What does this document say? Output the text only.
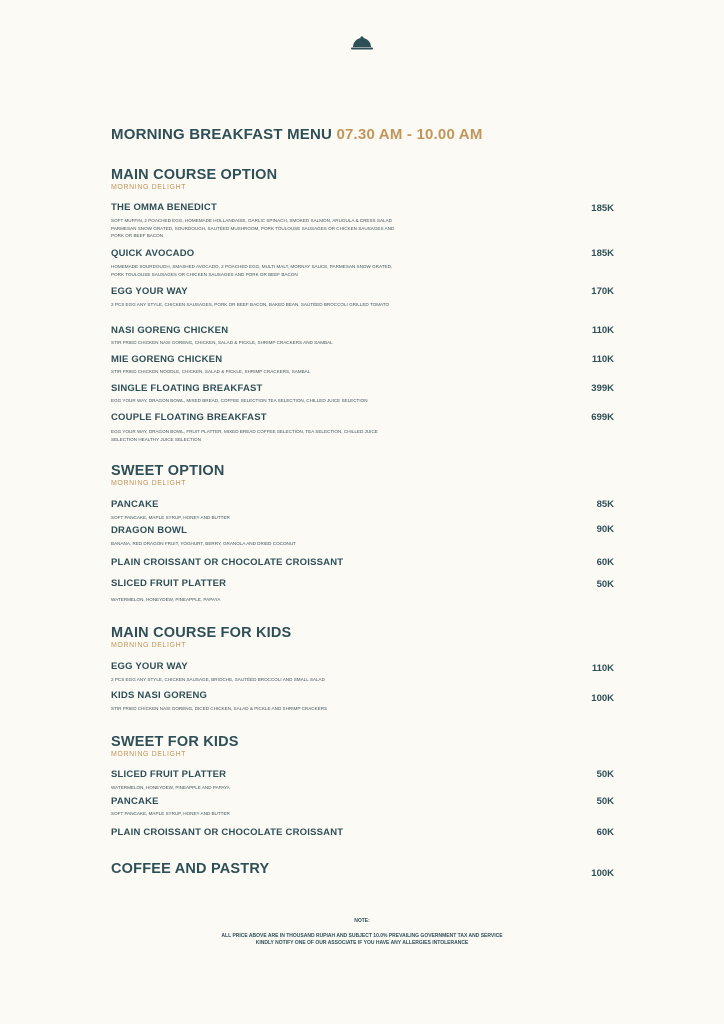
MORNING BREAKFAST MENU 07.30 AM - 10.00 AM
MAIN COURSE OPTION
MORNING DELIGHT
THE OMMA BENEDICT	185K
SOFT MUFFIN, 2 POACHED EGG, HOMEMADE HOLLANDAISE, GARLIC SPINACH, SMOKED SALMON, ARUGULA & CRESS SALAD PARMESAN SNOW GRATED, SOURDOUGH, SAUTÉED MUSHROOM, PORK TOULOUSE SAUSAGES OR CHICKEN SAUSAGES AND PORK OR BEEF BACON
QUICK AVOCADO	185K
HOMEMADE SOURDOUGH, SMASHED AVOCADO, 2 POACHED EGG, MULTI MALT, MORNAY SAUCE, PARMESAN SNOW GRATED, PORK TOULOUSE SAUSAGES OR CHICKEN SAUSAGES AND PORK OR BEEF BACON
EGG YOUR WAY	170K
2 PCS EGG ANY STYLE, CHICKEN SAUSAGES, PORK OR BEEF BACON, BAKED BEAN, SAUTÉED BROCCOLI GRILLED TOMATO
NASI GORENG CHICKEN	110K
STIR FRIED CHICKEN NASI GORENG, CHICKEN, SALAD & PICKLE, SHRIMP CRACKERS AND SAMBAL
MIE GORENG CHICKEN	110K
STIR FRIED CHICKEN NOODLE, CHICKEN, SALAD & PICKLE, SHRIMP CRACKERS, SAMBAL
SINGLE FLOATING BREAKFAST	399K
EGG YOUR WAY, DRAGON BOWL, MIXED BREAD, COFFEE SELECTION TEA SELECTION, CHILLED JUICE SELECTION
COUPLE FLOATING BREAKFAST	699K
EGG YOUR WAY, DRAGON BOWL, FRUIT PLATTER, MIXED BREAD COFFEE SELECTION, TEA SELECTION, CHILLED JUICE SELECTION HEALTHY JUICE SELECTION
SWEET OPTION
MORNING DELIGHT
PANCAKE	85K
SOFT PANCAKE, MAPLE SYRUP, HONEY AND BUTTER
DRAGON BOWL	90K
BANANA, RED DRAGON FRUIT, YOGHURT, BERRY, GRANOLA AND DRIED COCONUT
PLAIN CROISSANT OR CHOCOLATE CROISSANT	60K
SLICED FRUIT PLATTER	50K
WATERMELON, HONEYDEW, PINEAPPLE, PAPAYA
MAIN COURSE FOR KIDS
MORNING DELIGHT
EGG YOUR WAY	110K
2 PCS EGG ANY STYLE, CHICKEN SAUSAGE, BRIOCHE, SAUTÉED BROCCOLI AND SMALL SALAD
KIDS NASI GORENG	100K
STIR FRIED CHICKEN NASI GORENG, DICED CHICKEN, SALAD & PICKLE AND SHRIMP CRACKERS
SWEET FOR KIDS
MORNING DELIGHT
SLICED FRUIT PLATTER	50K
WATERMELON, HONEYDEW, PINEAPPLE AND PAPAYA
PANCAKE	50K
SOFT PANCAKE, MAPLE SYRUP, HONEY AND BUTTER
PLAIN CROISSANT OR CHOCOLATE CROISSANT	60K
COFFEE AND PASTRY	100K
NOTE:
ALL PRICE ABOVE ARE IN THOUSAND RUPIAH AND SUBJECT 10.0% PREVAILING GOVERNMENT TAX AND SERVICE
KINDLY NOTIFY ONE OF OUR ASSOCIATE IF YOU HAVE ANY ALLERGIES INTOLERANCE
